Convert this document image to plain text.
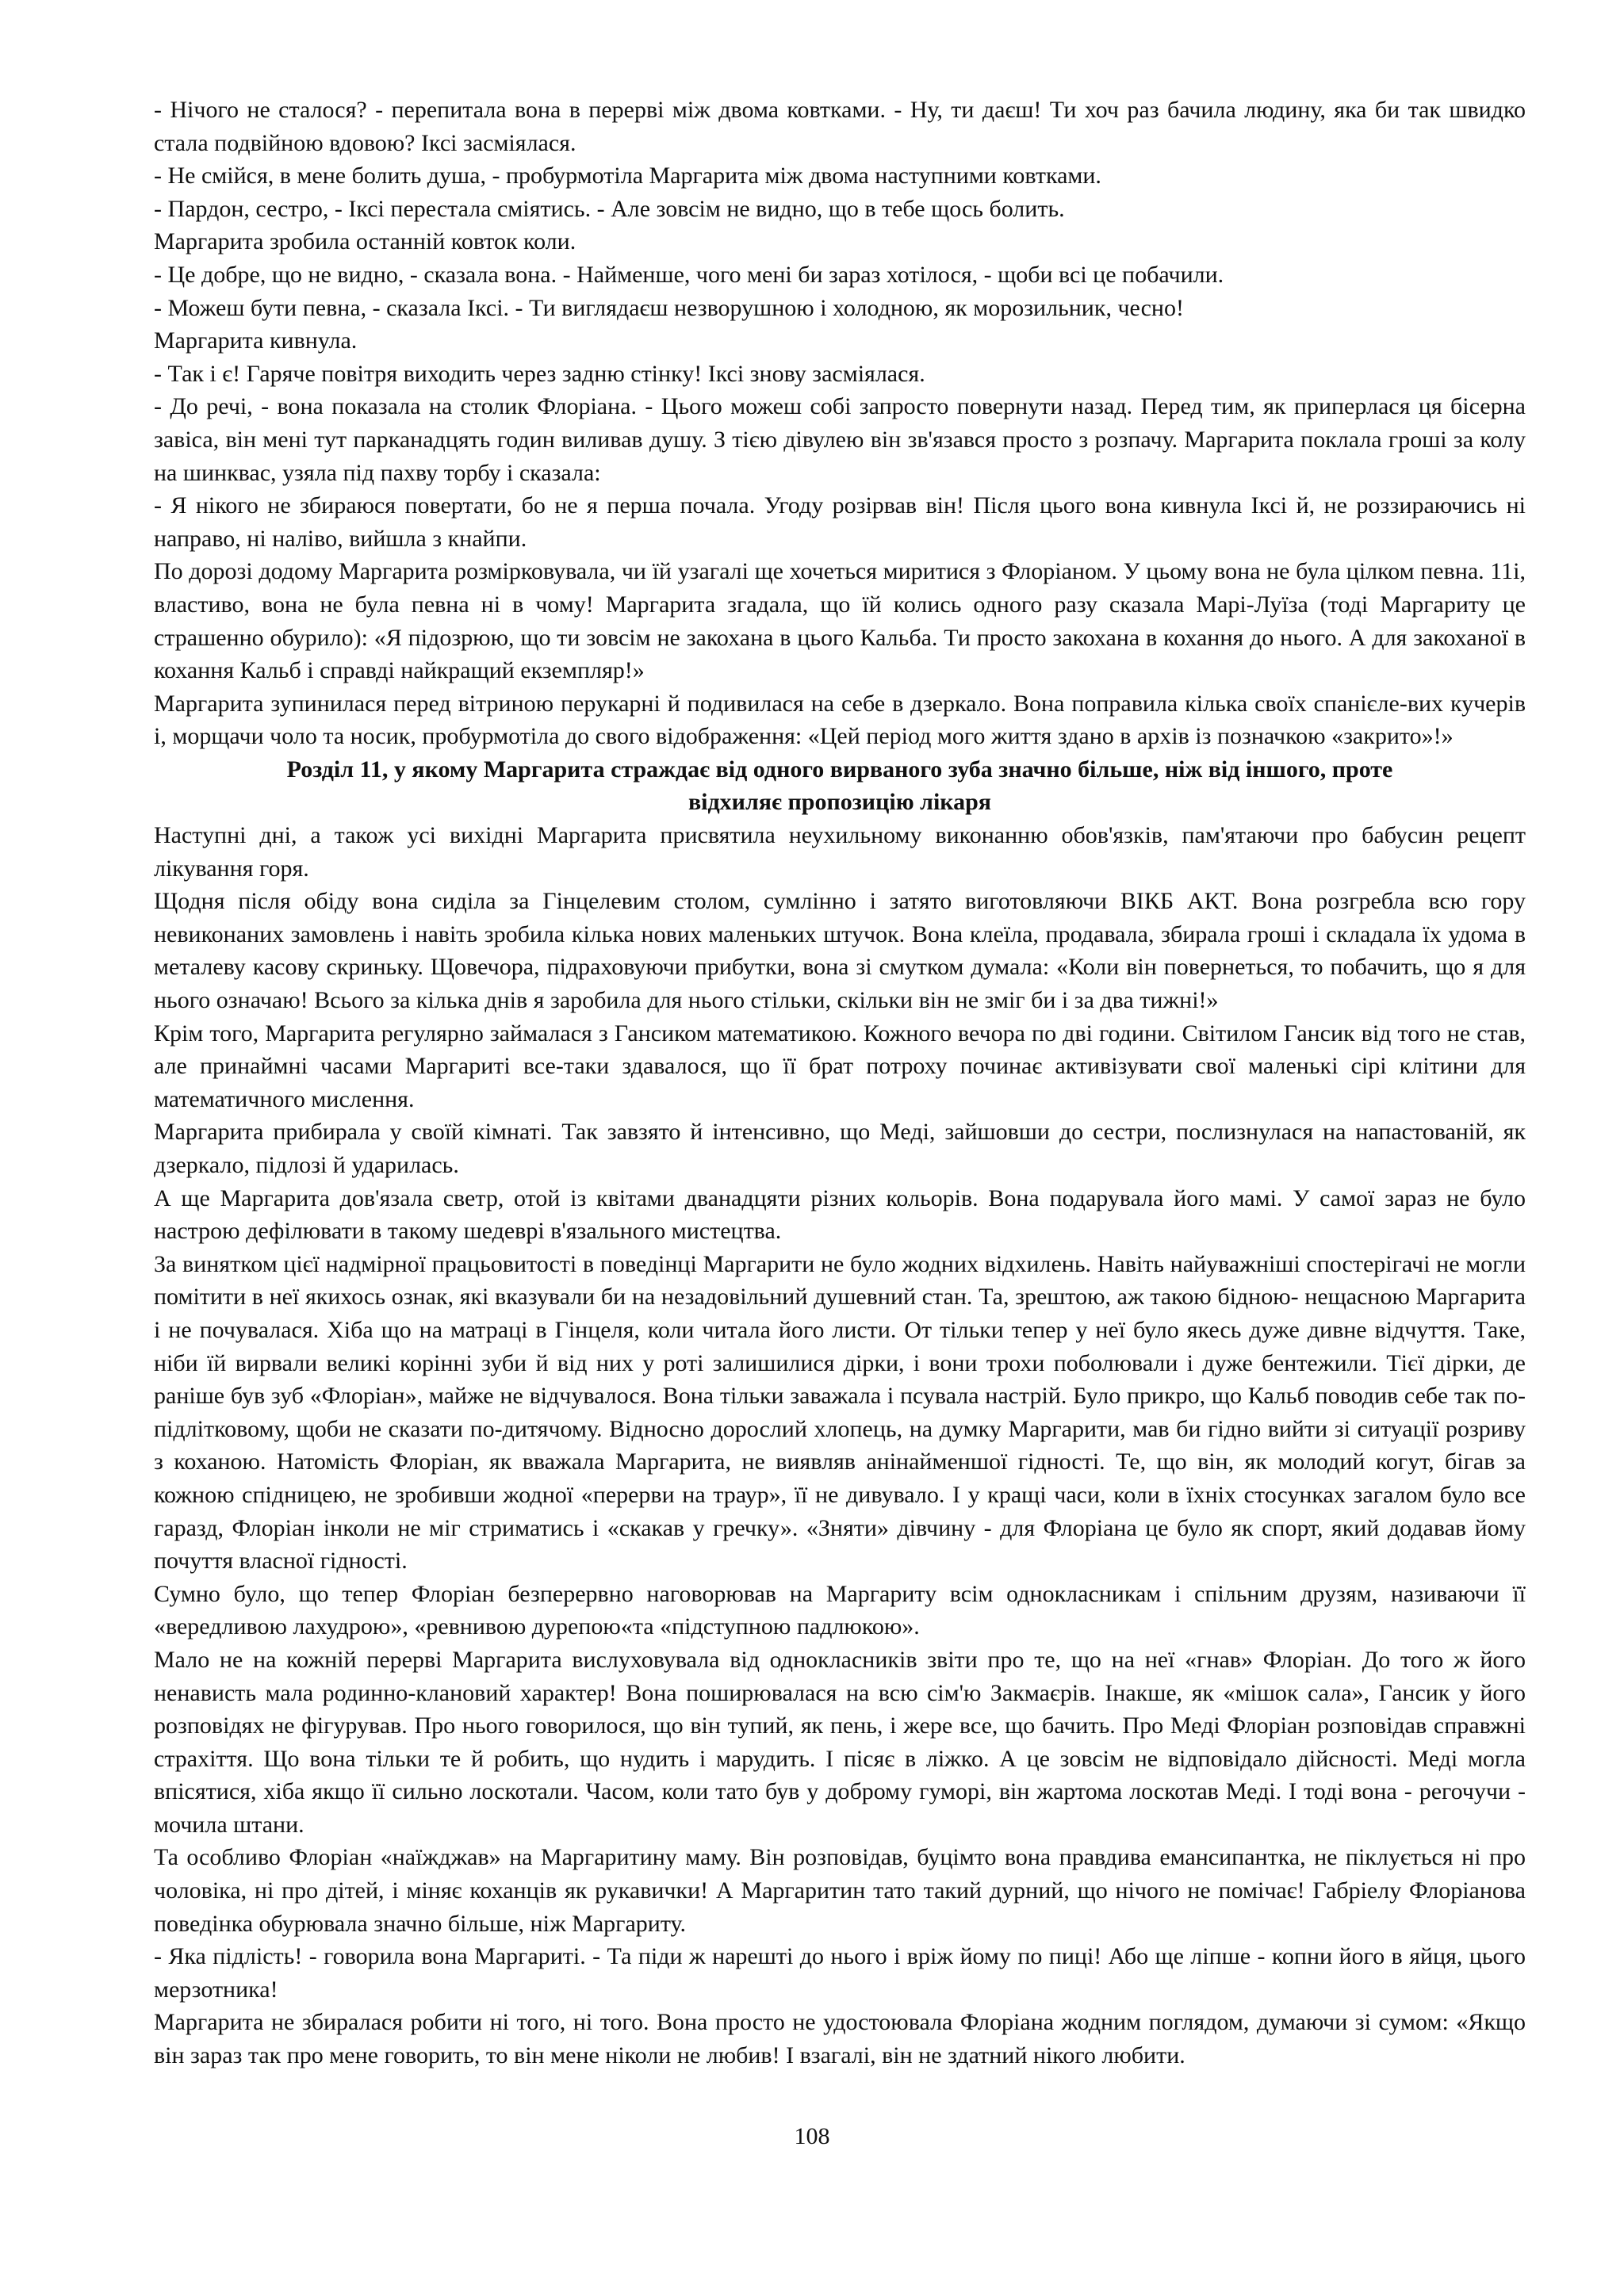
- Нічого не сталося? - перепитала вона в перерві між двома ковтками. - Ну, ти даєш! Ти хоч раз бачила людину, яка би так швидко стала подвійною вдовою? Іксі засміялася.

- Не смійся, в мене болить душа, - пробурмотіла Маргарита між двома наступними ковтками.

- Пардон, сестро, - Іксі перестала сміятись. - Але зовсім не видно, що в тебе щось болить.

Маргарита зробила останній ковток коли.

- Це добре, що не видно, - сказала вона. - Найменше, чого мені би зараз хотілося, - щоби всі це побачили.

- Можеш бути певна, - сказала Іксі. - Ти виглядаєш незворушною і холодною, як морозильник, чесно!

Маргарита кивнула.

- Так і є! Гаряче повітря виходить через задню стінку! Іксі знову засміялася.

- До речі, - вона показала на столик Флоріана. - Цього можеш собі запросто повернути назад. Перед тим, як приперлася ця бісерна завіса, він мені тут парканадцять годин виливав душу. З тією дівулею він зв'язався просто з розпачу. Маргарита поклала гроші за колу на шинквас, узяла під пахву торбу і сказала:

- Я нікого не збираюся повертати, бо не я перша почала. Угоду розірвав він! Після цього вона кивнула Іксі й, не роззираючись ні направо, ні наліво, вийшла з кнайпи.

По дорозі додому Маргарита розмірковувала, чи їй узагалі ще хочеться миритися з Флоріаном. У цьому вона не була цілком певна. 11і, властиво, вона не була певна ні в чому! Маргарита згадала, що їй колись одного разу сказала Марі-Луїза (тоді Маргариту це страшенно обурило): «Я підозрюю, що ти зовсім не закохана в цього Кальба. Ти просто закохана в кохання до нього. А для закоханої в кохання Кальб і справді найкращий екземпляр!»

Маргарита зупинилася перед вітриною перукарні й подивилася на себе в дзеркало. Вона поправила кілька своїх спанієле-вих кучерів і, морщачи чоло та носик, пробурмотіла до свого відображення: «Цей період мого життя здано в архів із позначкою «закрито»!»

Розділ 11, у якому Маргарита страждає від одного вирваного зуба значно більше, ніж від іншого, проте

відхиляє пропозицію лікаря

Наступні дні, а також усі вихідні Маргарита присвятила неухильному виконанню обов'язків, пам'ятаючи про бабусин рецепт лікування горя.

Щодня після обіду вона сиділа за Гінцелевим столом, сумлінно і затято виготовляючи ВІКБ АКТ. Вона розгребла всю гору невиконаних замовлень і навіть зробила кілька нових маленьких штучок. Вона клеїла, продавала, збирала гроші і складала їх удома в металеву касову скриньку. Щовечора, підраховуючи прибутки, вона зі смутком думала: «Коли він повернеться, то побачить, що я для нього означаю! Всього за кілька днів я заробила для нього стільки, скільки він не зміг би і за два тижні!»

Крім того, Маргарита регулярно займалася з Гансиком математикою. Кожного вечора по дві години. Світилом Гансик від того не став, але принаймні часами Маргариті все-таки здавалося, що її брат потроху починає активізувати свої маленькі сірі клітини для математичного мислення.

Маргарита прибирала у своїй кімнаті. Так завзято й інтенсивно, що Меді, зайшовши до сестри, послизнулася на напастованій, як дзеркало, підлозі й ударилась.

А ще Маргарита дов'язала светр, отой із квітами дванадцяти різних кольорів. Вона подарувала його мамі. У самої зараз не було настрою дефілювати в такому шедеврі в'язального мистецтва.

За винятком цієї надмірної працьовитості в поведінці Маргарити не було жодних відхилень. Навіть найуважніші спостерігачі не могли помітити в неї якихось ознак, які вказували би на незадовільний душевний стан. Та, зрештою, аж такою бідною- нещасною Маргарита і не почувалася. Хіба що на матраці в Гінцеля, коли читала його листи. От тільки тепер у неї було якесь дуже дивне відчуття. Таке, ніби їй вирвали великі корінні зуби й від них у роті залишилися дірки, і вони трохи поболювали і дуже бентежили. Тієї дірки, де раніше був зуб «Флоріан», майже не відчувалося. Вона тільки заважала і псувала настрій. Було прикро, що Кальб поводив себе так по-підлітковому, щоби не сказати по-дитячому. Відносно дорослий хлопець, на думку Маргарити, мав би гідно вийти зі ситуації розриву з коханою. Натомість Флоріан, як вважала Маргарита, не виявляв анінайменшої гідності. Те, що він, як молодий когут, бігав за кожною спідницею, не зробивши жодної «перерви на траур», її не дивувало. І у кращі часи, коли в їхніх стосунках загалом було все гаразд, Флоріан інколи не міг стриматись і «скакав у гречку». «Зняти» дівчину - для Флоріана це було як спорт, який додавав йому почуття власної гідності.

Сумно було, що тепер Флоріан безперервно наговорював на Маргариту всім однокласникам і спільним друзям, називаючи її «вередливою лахудрою», «ревнивою дурепою«та «підступною падлюкою».

Мало не на кожній перерві Маргарита вислуховувала від однокласників звіти про те, що на неї «гнав» Флоріан. До того ж його ненависть мала родинно-клановий характер! Вона поширювалася на всю сім'ю Закмаєрів. Інакше, як «мішок сала», Гансик у його розповідях не фігурував. Про нього говорилося, що він тупий, як пень, і жере все, що бачить. Про Меді Флоріан розповідав справжні страхіття. Що вона тільки те й робить, що нудить і марудить. І пісяє в ліжко. А це зовсім не відповідало дійсності. Меді могла впісятися, хіба якщо її сильно лоскотали. Часом, коли тато був у доброму гуморі, він жартома лоскотав Меді. І тоді вона - регочучи - мочила штани.

Та особливо Флоріан «наїжджав» на Маргаритину маму. Він розповідав, буцімто вона правдива емансипантка, не піклується ні про чоловіка, ні про дітей, і міняє коханців як рукавички! А Маргаритин тато такий дурний, що нічого не помічає! Габріелу Флоріанова поведінка обурювала значно більше, ніж Маргариту.

- Яка підлість! - говорила вона Маргариті. - Та піди ж нарешті до нього і вріж йому по пиці! Або ще ліпше - копни його в яйця, цього мерзотника!

Маргарита не збиралася робити ні того, ні того. Вона просто не удостоювала Флоріана жодним поглядом, думаючи зі сумом: «Якщо він зараз так про мене говорить, то він мене ніколи не любив! І взагалі, він не здатний нікого любити.

108
